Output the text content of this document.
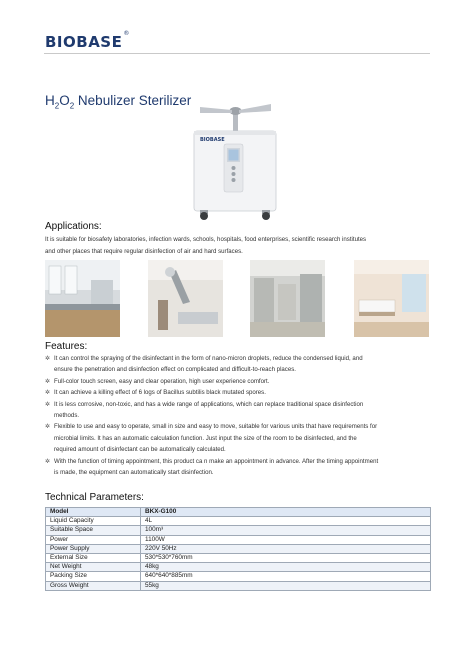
BIOBASE®
$H_2O_2$ Nebulizer Sterilizer
BIOBASE
Applications:
It is suitable for biosafety laboratories, infection wards, schools, hospitals, food enterprises, scientific research institutes
and other places that require regular disinfection of air and hard surfaces.
Features:
✲ It can control the spraying of the disinfectant in the form of nano-micron droplets, reduce the condensed liquid, and
ensure the penetration and disinfection effect on complicated and difficult-to-reach places.
✲ Full-color touch screen, easy and clear operation, high user experience comfort.
✲ It can achieve a killing effect of 6 logs of Bacillus subtilis black mutated spores.
✲ It is less corrosive, non-toxic, and has a wide range of applications, which can replace traditional space disinfection
methods.
✲ Flexible to use and easy to operate, small in size and easy to move, suitable for various units that have requirements for
microbial limits. It has an automatic calculation function. Just input the size of the room to be disinfected, and the
required amount of disinfectant can be automatically calculated.
✲ With the function of timing appointment, this product ca n make an appointment in advance. After the timing appointment
is made, the equipment can automatically start disinfection.
Technical Parameters:
Model	BKX-G100
Liquid Capacity	4L
Suitable Space	100m³
Power	1100W
Power Supply	220V 50Hz
External Size	530*530*760mm
Net Weight	48kg
Packing Size	640*640*885mm
Gross Weight	55kg
